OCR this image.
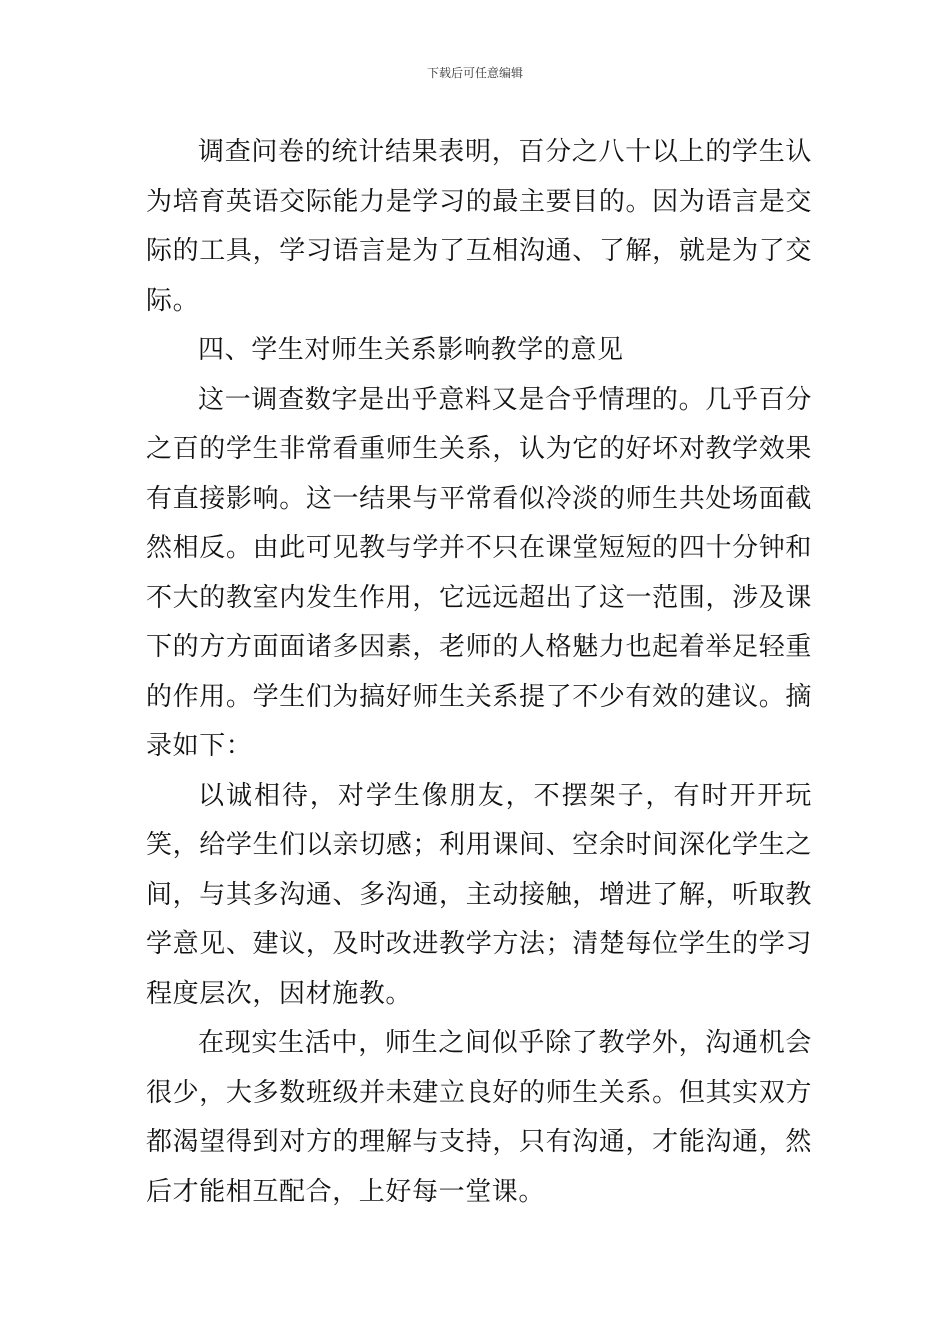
下载后可任意编辑

调查问卷的统计结果表明，百分之八十以上的学生认为培育英语交际能力是学习的最主要目的。因为语言是交际的工具，学习语言是为了互相沟通、了解，就是为了交际。

四、学生对师生关系影响教学的意见

这一调查数字是出乎意料又是合乎情理的。几乎百分之百的学生非常看重师生关系，认为它的好坏对教学效果有直接影响。这一结果与平常看似冷淡的师生共处场面截然相反。由此可见教与学并不只在课堂短短的四十分钟和不大的教室内发生作用，它远远超出了这一范围，涉及课下的方方面面诸多因素，老师的人格魅力也起着举足轻重的作用。学生们为搞好师生关系提了不少有效的建议。摘录如下：

以诚相待，对学生像朋友，不摆架子，有时开开玩笑，给学生们以亲切感；利用课间、空余时间深化学生之间，与其多沟通、多沟通，主动接触，增进了解，听取教学意见、建议，及时改进教学方法；清楚每位学生的学习程度层次，因材施教。

在现实生活中，师生之间似乎除了教学外，沟通机会很少，大多数班级并未建立良好的师生关系。但其实双方都渴望得到对方的理解与支持，只有沟通，才能沟通，然后才能相互配合，上好每一堂课。
